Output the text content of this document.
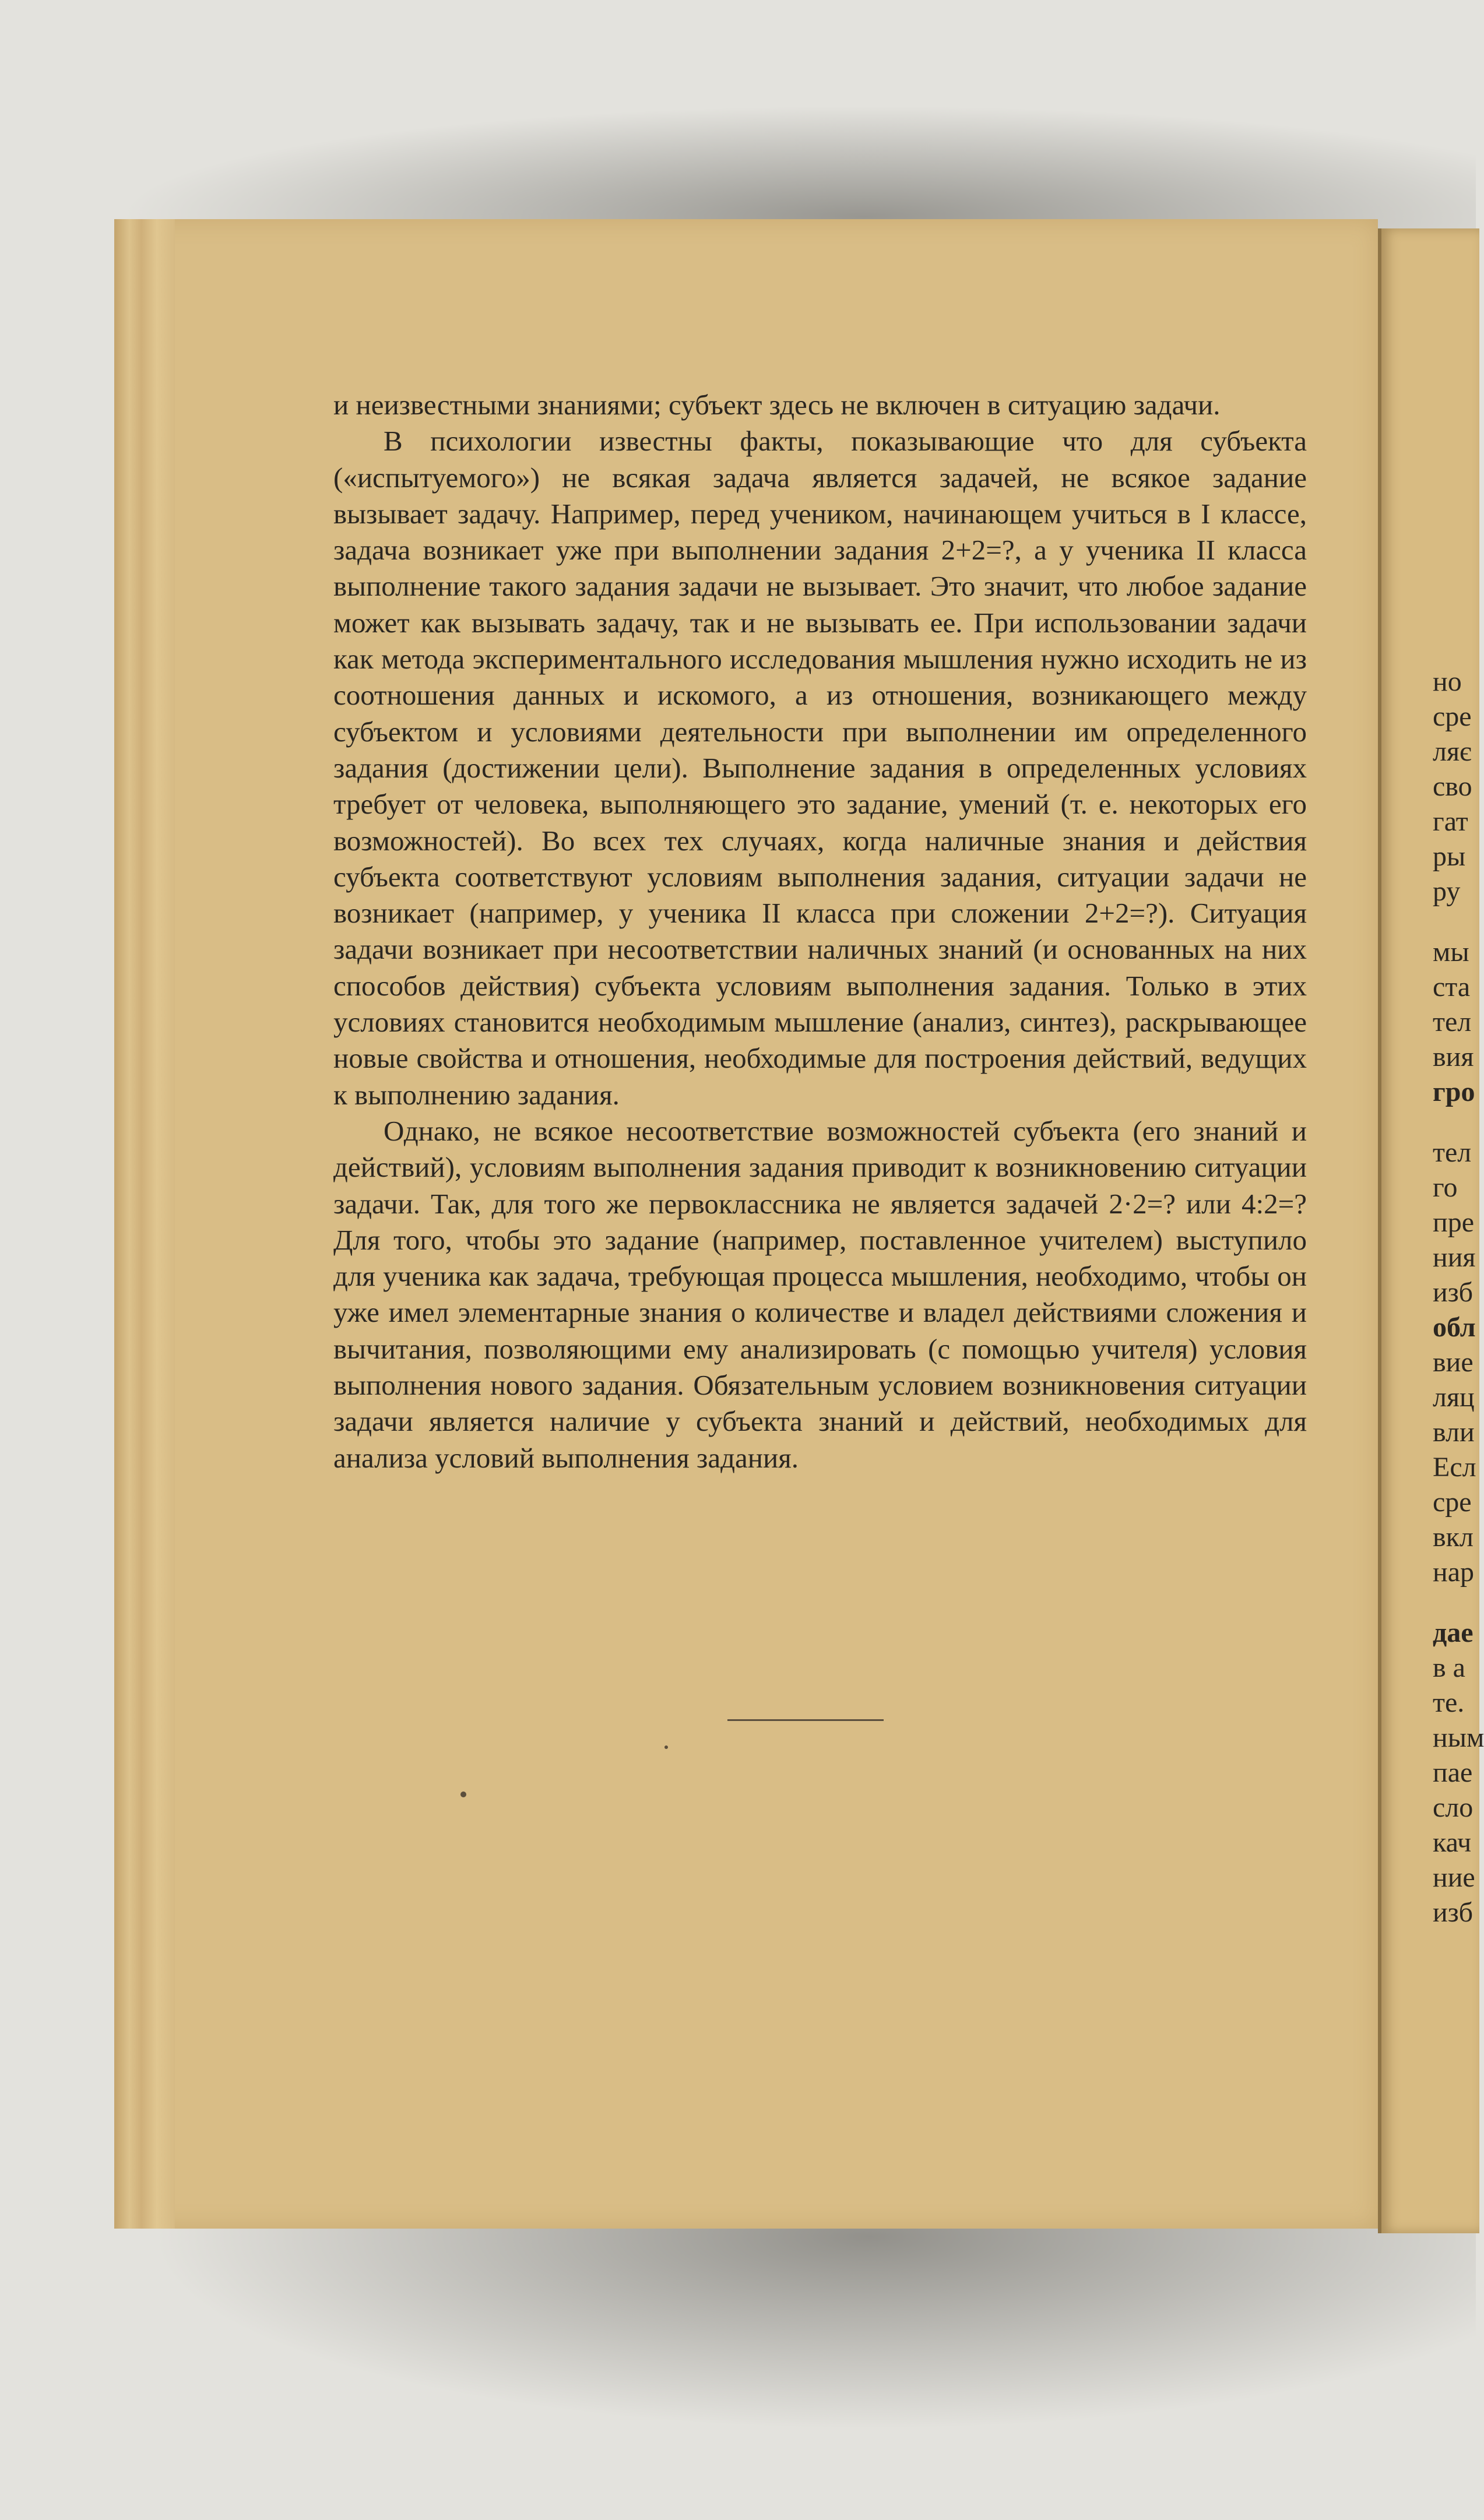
и неизвестными знаниями; субъект здесь не включен в ситуацию задачи.

В психологии известны факты, показывающие что для субъекта («испытуемого») не всякая задача является задачей, не всякое задание вызывает задачу. Например, перед учеником, начинающем учиться в I классе, задача возникает уже при выполнении задания 2+2=?, а у ученика II класса выполнение такого задания задачи не вызывает. Это значит, что любое задание может как вызывать задачу, так и не вызывать ее. При использовании задачи как метода экспериментального исследования мышления нужно исходить не из соотношения данных и искомого, а из отношения, возникающего между субъектом и условиями деятельности при выполнении им определенного задания (достижении цели). Выполнение задания в определенных условиях требует от человека, выполняющего это задание, умений (т. е. некоторых его возможностей). Во всех тех случаях, когда наличные знания и действия субъекта соответствуют условиям выполнения задания, ситуации задачи не возникает (например, у ученика II класса при сложении 2+2=?). Ситуация задачи возникает при несоответствии наличных знаний (и основанных на них способов действия) субъекта условиям выполнения задания. Только в этих условиях становится необходимым мышление (анализ, синтез), раскрывающее новые свойства и отношения, необходимые для построения действий, ведущих к выполнению задания.

Однако, не всякое несоответствие возможностей субъекта (его знаний и действий), условиям выполнения задания приводит к возникновению ситуации задачи. Так, для того же первоклассника не является задачей 2·2=? или 4:2=? Для того, чтобы это задание (например, поставленное учителем) выступило для ученика как задача, требующая процесса мышления, необходимо, чтобы он уже имел элементарные знания о количестве и владел действиями сложения и вычитания, позволяющими ему анализировать (с помощью учителя) условия выполнения нового задания. Обязательным условием возникновения ситуации задачи является наличие у субъекта знаний и действий, необходимых для анализа условий выполнения задания.

но
сре
ляє
сво
гат
ры
ру
мы
ста
тел
вия
гро
тел
го
пре
ния
изб
обл
вие
ляц
вли
Есл
сре
вкл
нар
дае
в а
те.
ным
пае
сло
кач
ние
изб
